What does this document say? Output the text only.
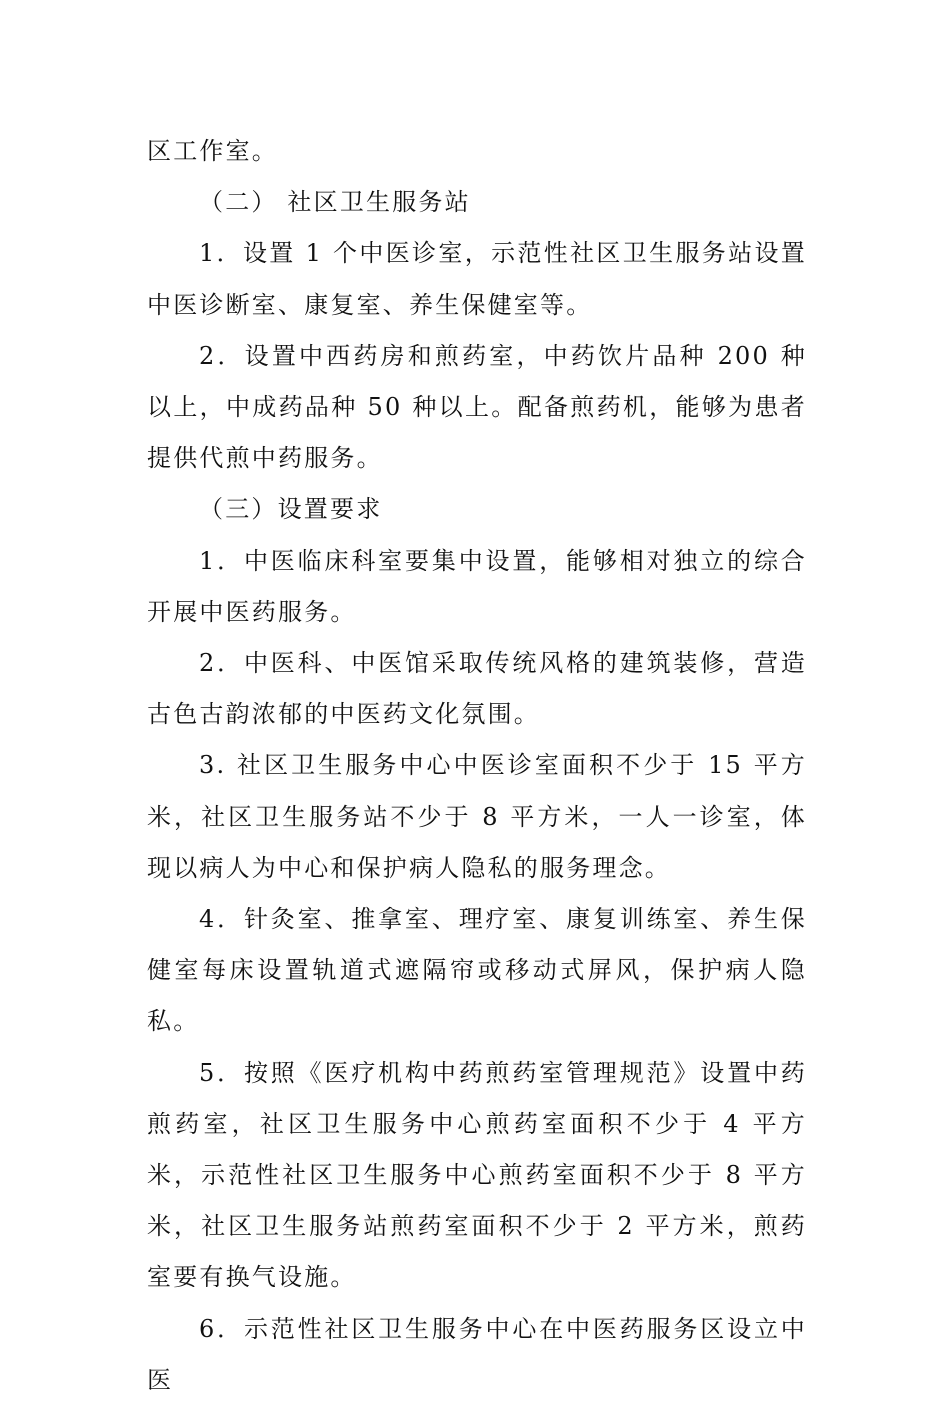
区工作室。

（二） 社区卫生服务站

1．设置 1 个中医诊室，示范性社区卫生服务站设置中医诊断室、康复室、养生保健室等。

2．设置中西药房和煎药室，中药饮片品种 200 种以上，中成药品种 50 种以上。配备煎药机，能够为患者提供代煎中药服务。

（三）设置要求

1．中医临床科室要集中设置，能够相对独立的综合开展中医药服务。

2．中医科、中医馆采取传统风格的建筑装修，营造古色古韵浓郁的中医药文化氛围。

3. 社区卫生服务中心中医诊室面积不少于 15 平方米，社区卫生服务站不少于 8 平方米，一人一诊室，体现以病人为中心和保护病人隐私的服务理念。

4．针灸室、推拿室、理疗室、康复训练室、养生保健室每床设置轨道式遮隔帘或移动式屏风，保护病人隐私。

5．按照《医疗机构中药煎药室管理规范》设置中药煎药室，社区卫生服务中心煎药室面积不少于 4 平方米，示范性社区卫生服务中心煎药室面积不少于 8 平方米，社区卫生服务站煎药室面积不少于 2 平方米，煎药室要有换气设施。

6．示范性社区卫生服务中心在中医药服务区设立中医
